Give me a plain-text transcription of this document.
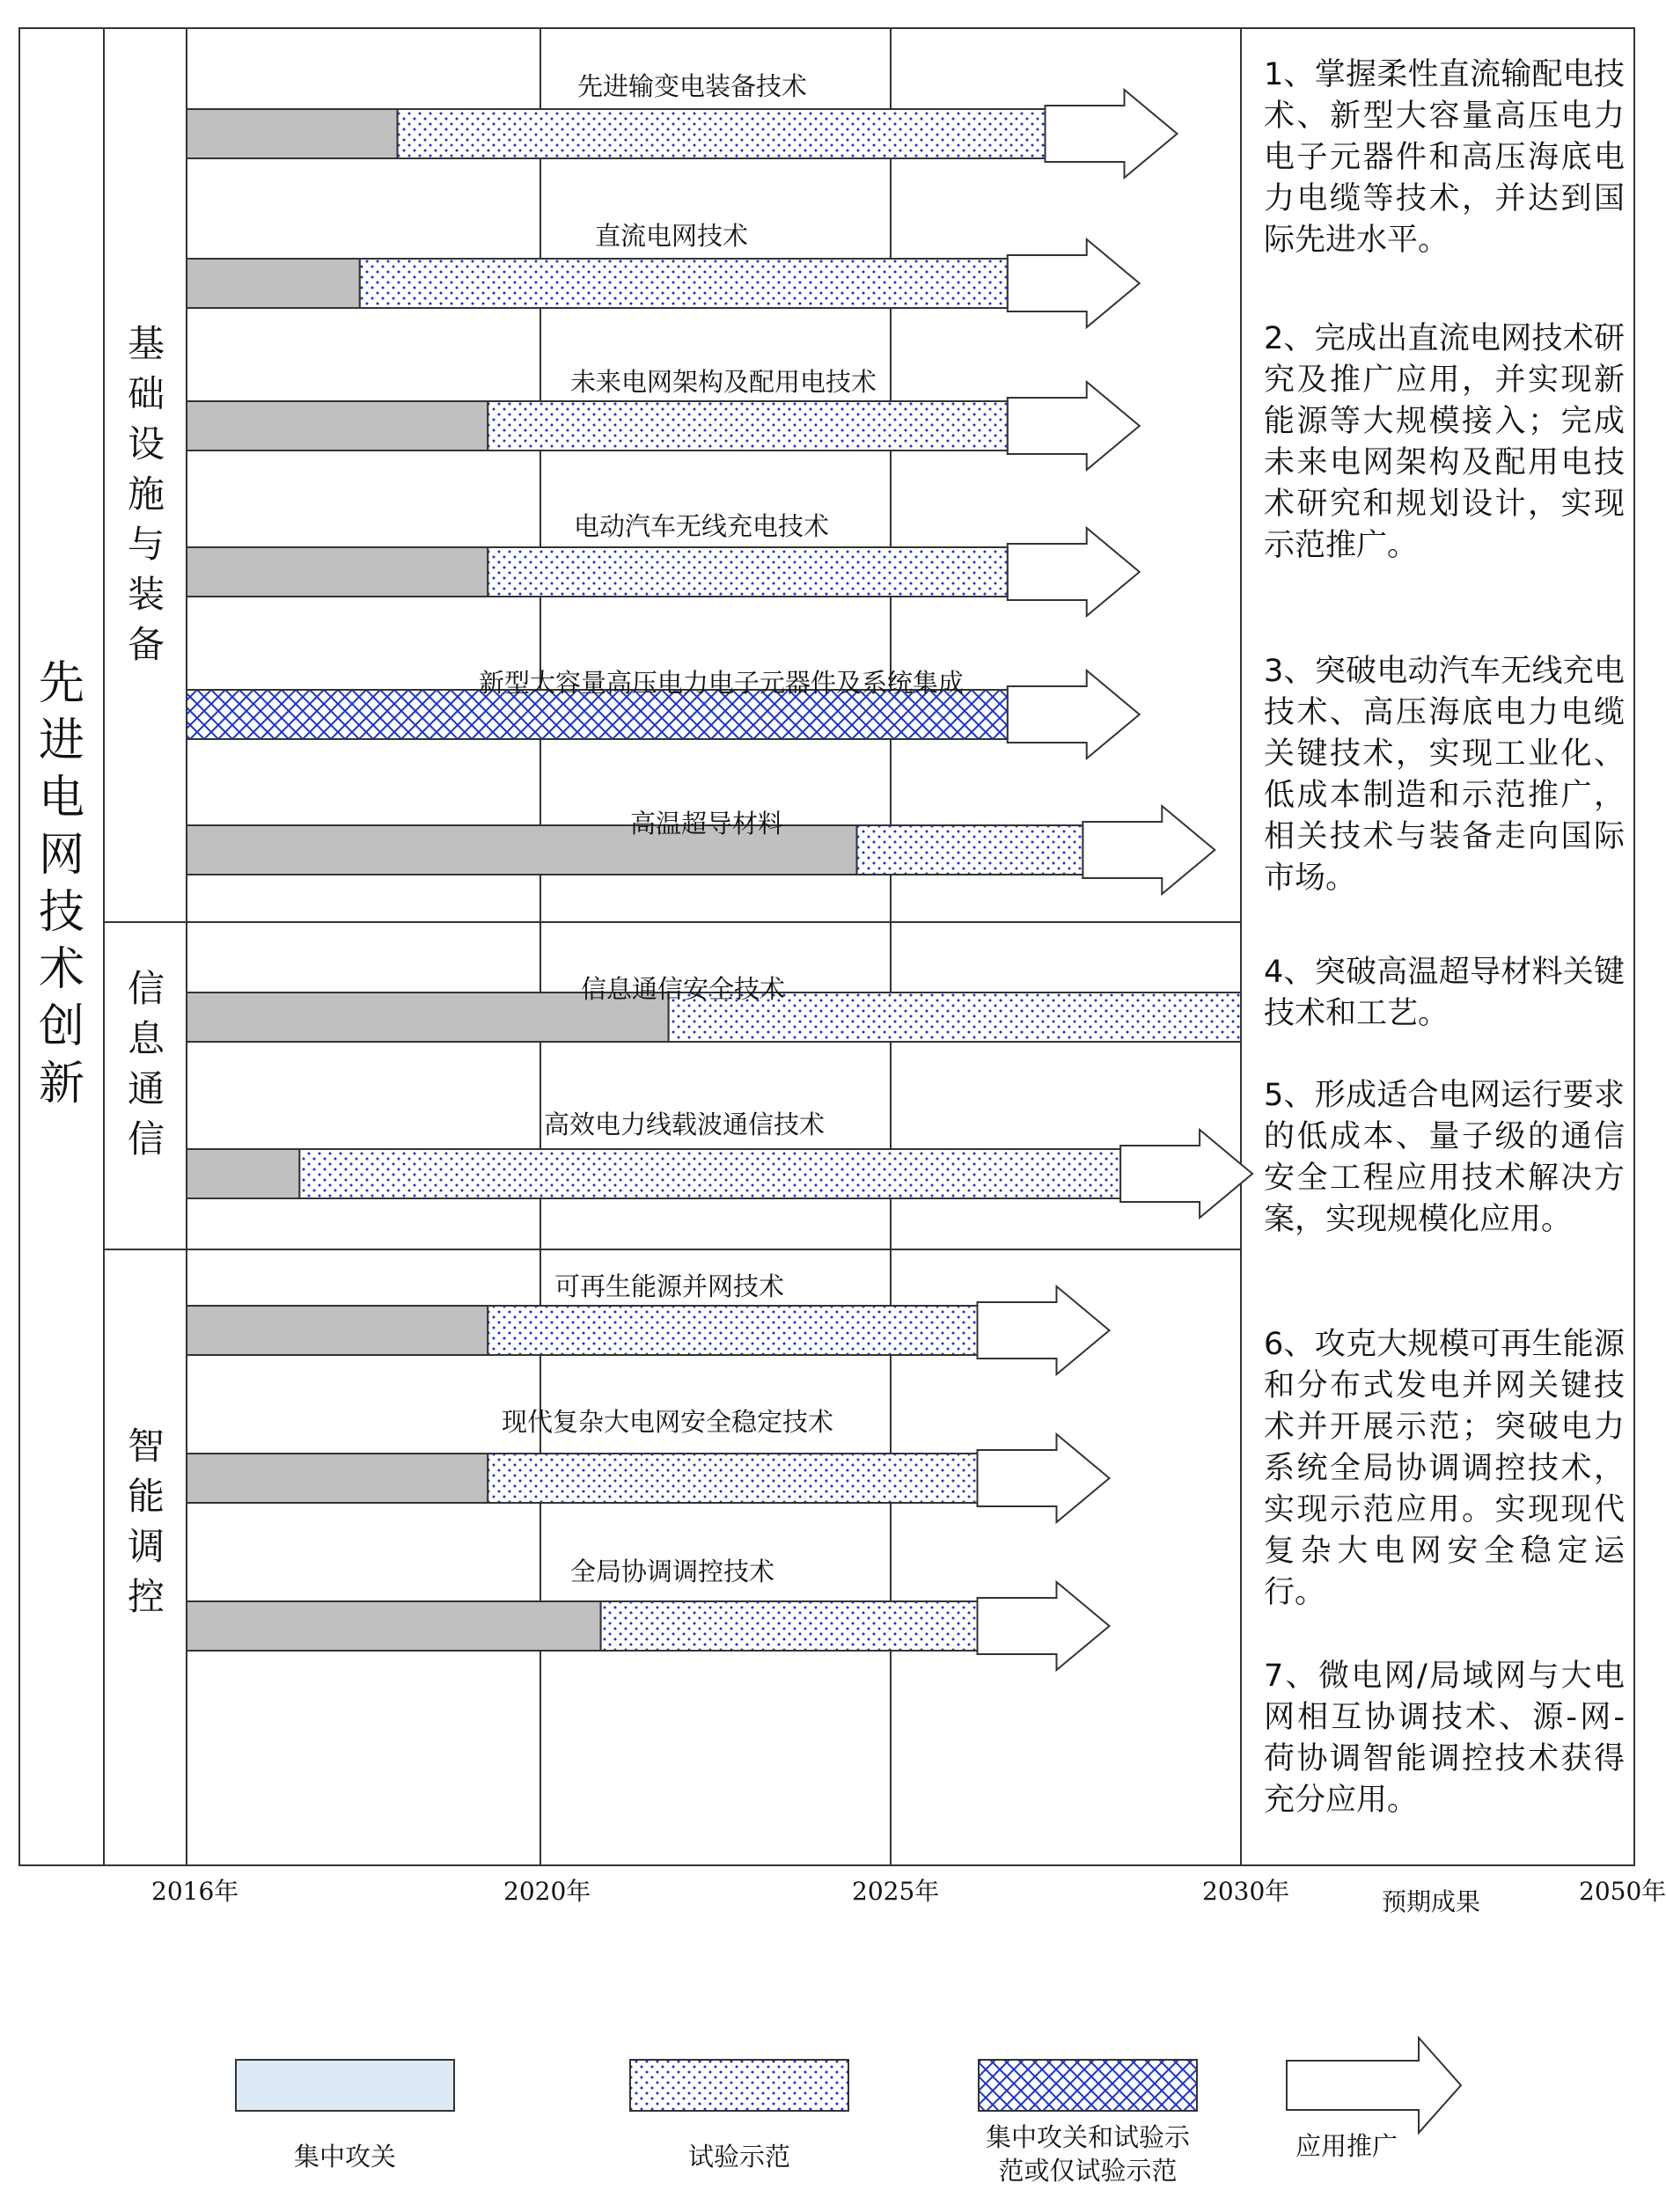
先
进
电
网
技
术
创
新
基
础
设
施
与
装
备
信
息
通
信
智
能
调
控
先进输变电装备技术
直流电网技术
未来电网架构及配用电技术
电动汽车无线充电技术
新型大容量高压电力电子元器件及系统集成
高温超导材料
信息通信安全技术
高效电力线载波通信技术
可再生能源并网技术
现代复杂大电网安全稳定技术
全局协调调控技术
1、掌握柔性直流输配电技术、新型大容量高压电力电子元器件和高压海底电力电缆等技术，并达到国际先进水平。
2、完成出直流电网技术研究及推广应用，并实现新能源等大规模接入；完成未来电网架构及配用电技术研究和规划设计，实现示范推广。
3、突破电动汽车无线充电技术、高压海底电力电缆关键技术，实现工业化、低成本制造和示范推广，相关技术与装备走向国际市场。
4、突破高温超导材料关键技术和工艺。
5、形成适合电网运行要求的低成本、量子级的通信安全工程应用技术解决方案，实现规模化应用。
6、攻克大规模可再生能源和分布式发电并网关键技术并开展示范；突破电力系统全局协调调控技术，实现示范应用。实现现代复杂大电网安全稳定运行。
7、微电网/局域网与大电网相互协调技术、源-网-荷协调智能调控技术获得充分应用。
2016年	2020年	2025年	2030年	预期成果	2050年
集中攻关	试验示范
集中攻关和试验示范或仅试验示范
应用推广
